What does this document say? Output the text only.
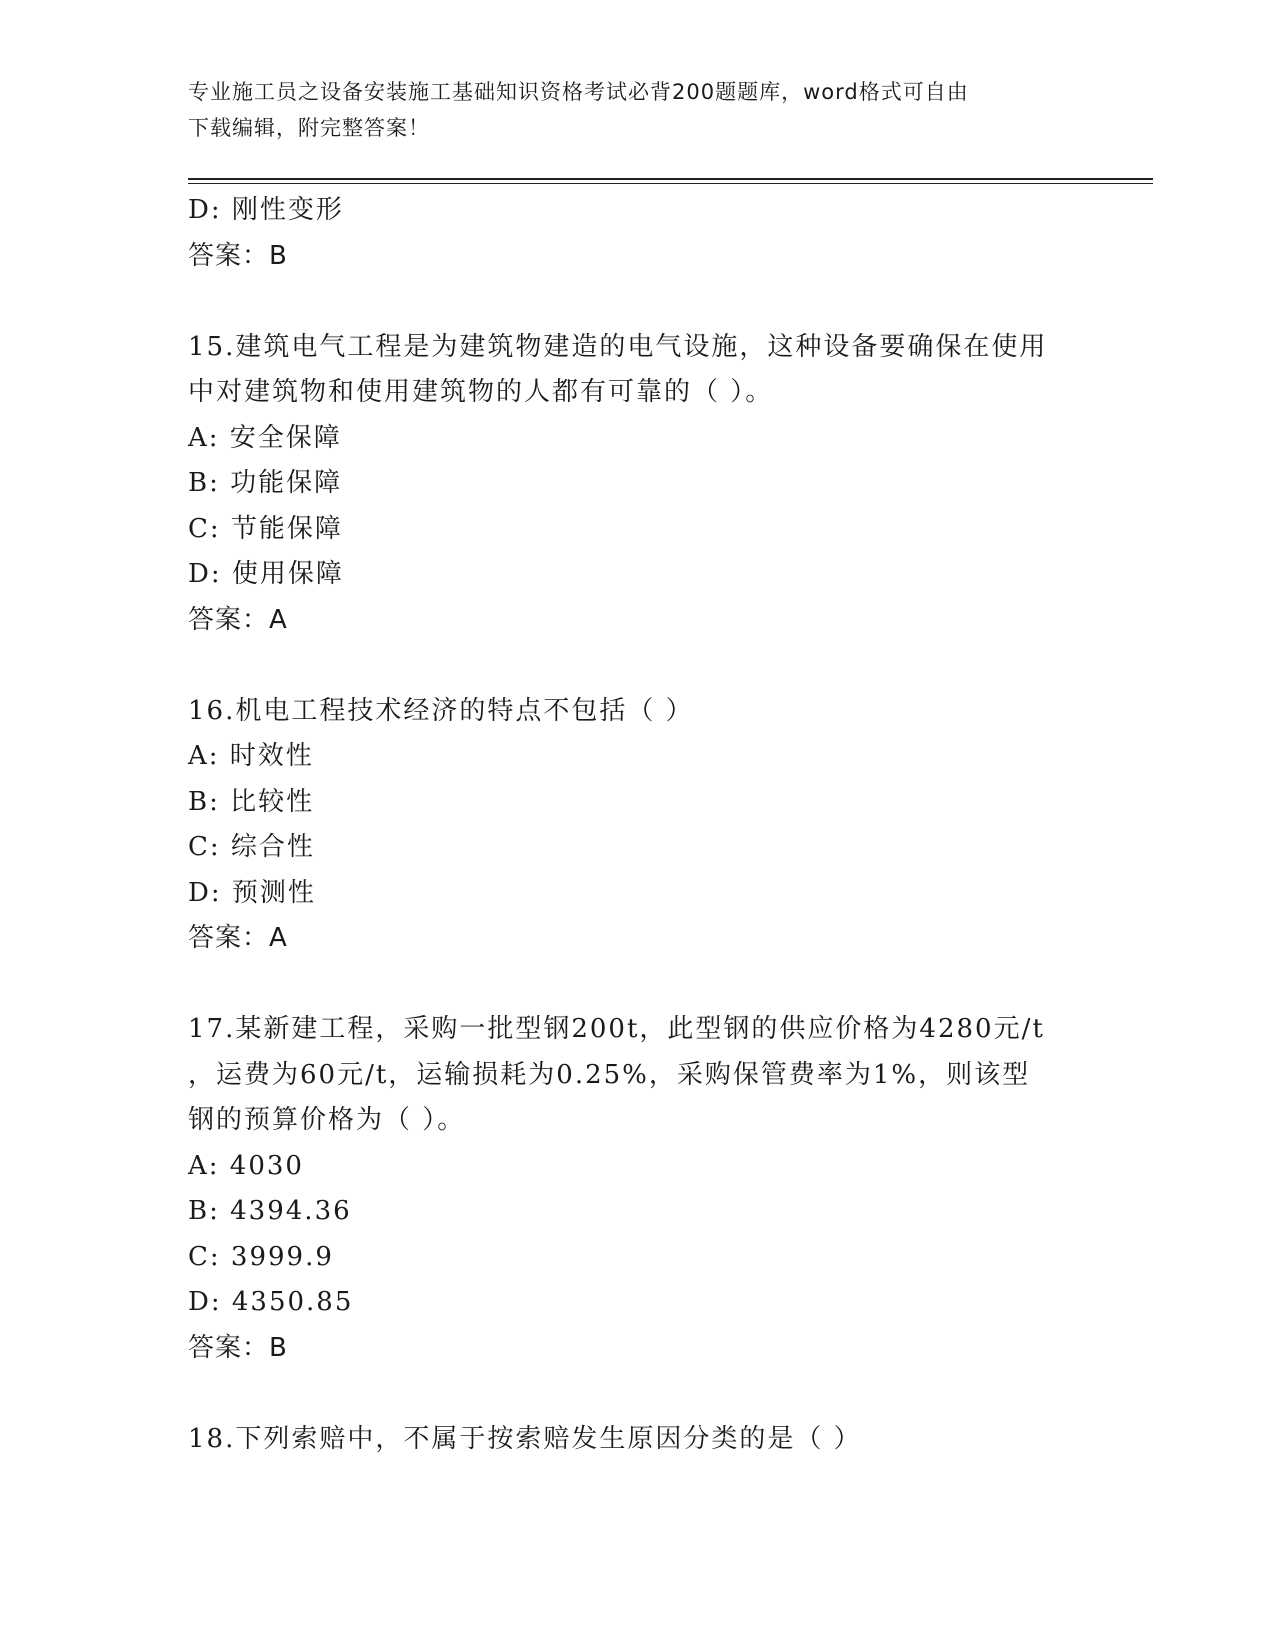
专业施工员之设备安装施工基础知识资格考试必背200题题库，word格式可自由
下载编辑，附完整答案！
D: 刚性变形
答案：B
15.建筑电气工程是为建筑物建造的电气设施，这种设备要确保在使用
中对建筑物和使用建筑物的人都有可靠的（ ）。
A: 安全保障
B: 功能保障
C: 节能保障
D: 使用保障
答案：A
16.机电工程技术经济的特点不包括（ ）
A: 时效性
B: 比较性
C: 综合性
D: 预测性
答案：A
17.某新建工程，采购一批型钢200t，此型钢的供应价格为4280元/t
，运费为60元/t，运输损耗为0.25%，采购保管费率为1%，则该型
钢的预算价格为（ ）。
A: 4030
B: 4394.36
C: 3999.9
D: 4350.85
答案：B
18.下列索赔中，不属于按索赔发生原因分类的是（ ）
